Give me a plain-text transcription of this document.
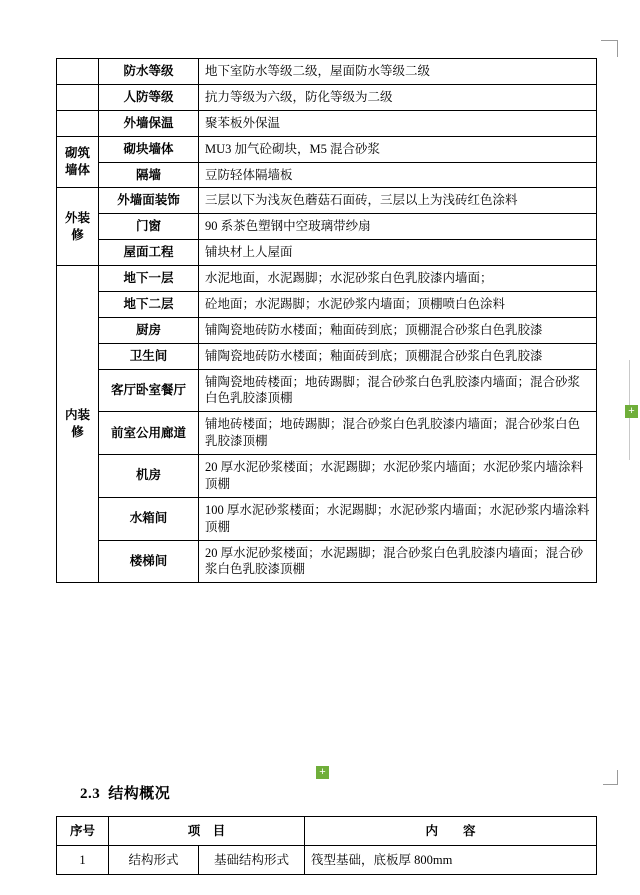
	防水等级	地下室防水等级二级，屋面防水等级二级
	人防等级	抗力等级为六级，防化等级为二级
	外墙保温	聚苯板外保温
砌筑墙体	砌块墙体	MU3 加气砼砌块，M5 混合砂浆
	隔墙	豆防轻体隔墙板
外装修	外墙面装饰	三层以下为浅灰色蘑菇石面砖，三层以上为浅砖红色涂料
	门窗	90 系茶色塑钢中空玻璃带纱扇
	屋面工程	铺块材上人屋面
内装修	地下一层	水泥地面，水泥踢脚；水泥砂浆白色乳胶漆内墙面；
	地下二层	砼地面；水泥踢脚；水泥砂浆内墙面；顶棚喷白色涂料
	厨房	铺陶瓷地砖防水楼面；釉面砖到底；顶棚混合砂浆白色乳胶漆
	卫生间	铺陶瓷地砖防水楼面；釉面砖到底；顶棚混合砂浆白色乳胶漆
	客厅卧室餐厅	铺陶瓷地砖楼面；地砖踢脚；混合砂浆白色乳胶漆内墙面；混合砂浆白色乳胶漆顶棚
	前室公用廊道	铺地砖楼面；地砖踢脚；混合砂浆白色乳胶漆内墙面；混合砂浆白色乳胶漆顶棚
	机房	20 厚水泥砂浆楼面；水泥踢脚；水泥砂浆内墙面；水泥砂浆内墙涂料顶棚
	水箱间	100 厚水泥砂浆楼面；水泥踢脚；水泥砂浆内墙面；水泥砂浆内墙涂料顶棚
	楼梯间	20 厚水泥砂浆楼面；水泥踢脚；混合砂浆白色乳胶漆内墙面；混合砂浆白色乳胶漆顶棚
2.3 结构概况
序号	项　目		内　　容
1	结构形式	基础结构形式	筏型基础，底板厚 800mm
+
+
